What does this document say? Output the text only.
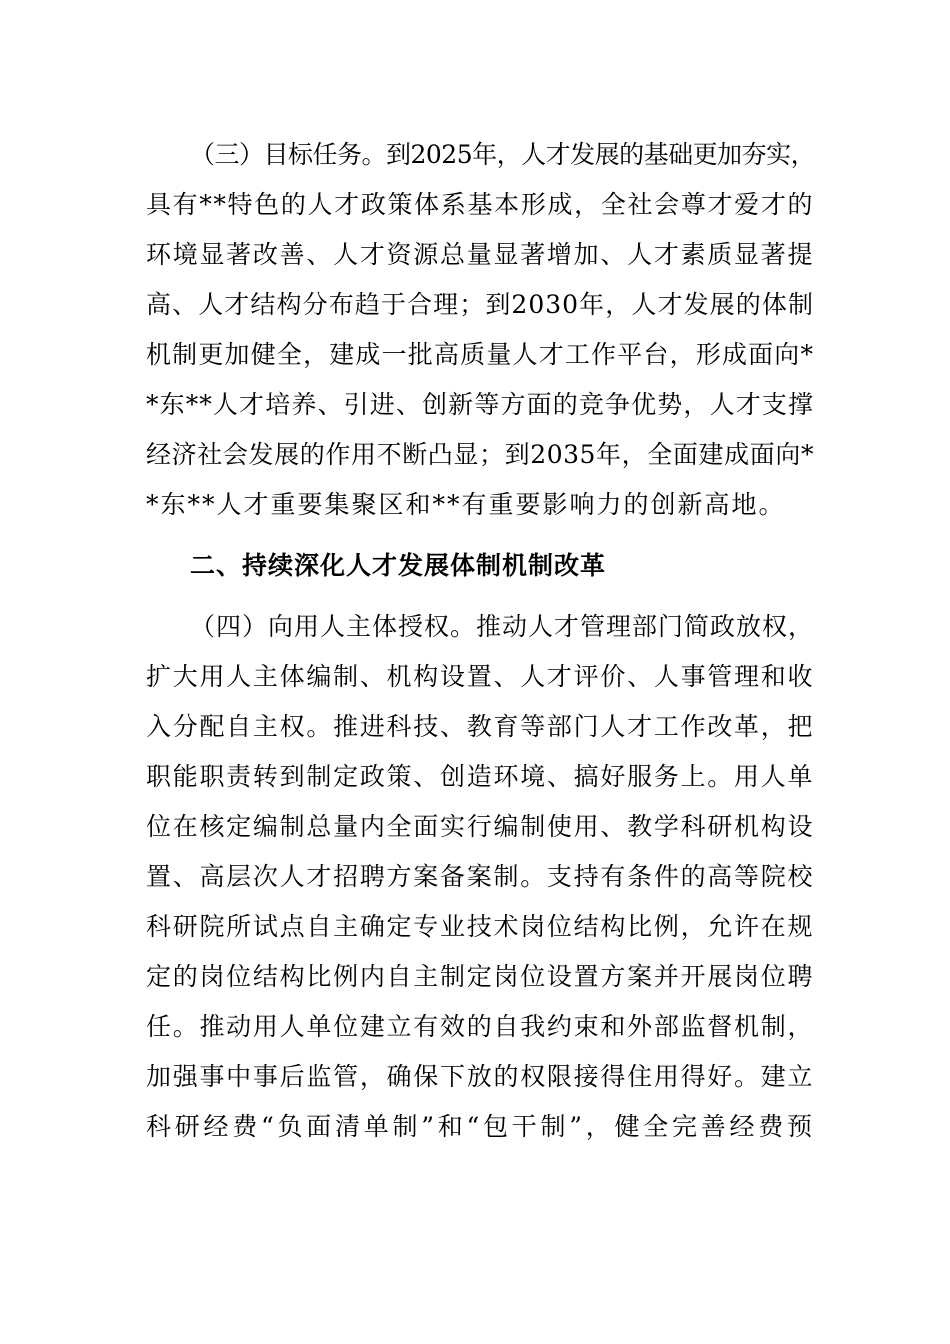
（三）目标任务。到2025年，人才发展的基础更加夯实，
具有**特色的人才政策体系基本形成，全社会尊才爱才的
环境显著改善、人才资源总量显著增加、人才素质显著提
高、人才结构分布趋于合理；到2030年，人才发展的体制
机制更加健全，建成一批高质量人才工作平台，形成面向*
*东**人才培养、引进、创新等方面的竞争优势，人才支撑
经济社会发展的作用不断凸显；到2035年，全面建成面向*
*东**人才重要集聚区和**有重要影响力的创新高地。
二、持续深化人才发展体制机制改革
（四）向用人主体授权。推动人才管理部门简政放权，
扩大用人主体编制、机构设置、人才评价、人事管理和收
入分配自主权。推进科技、教育等部门人才工作改革，把
职能职责转到制定政策、创造环境、搞好服务上。用人单
位在核定编制总量内全面实行编制使用、教学科研机构设
置、高层次人才招聘方案备案制。支持有条件的高等院校
科研院所试点自主确定专业技术岗位结构比例，允许在规
定的岗位结构比例内自主制定岗位设置方案并开展岗位聘
任。推动用人单位建立有效的自我约束和外部监督机制，
加强事中事后监管，确保下放的权限接得住用得好。建立
科研经费“负面清单制”和“包干制”，健全完善经费预
